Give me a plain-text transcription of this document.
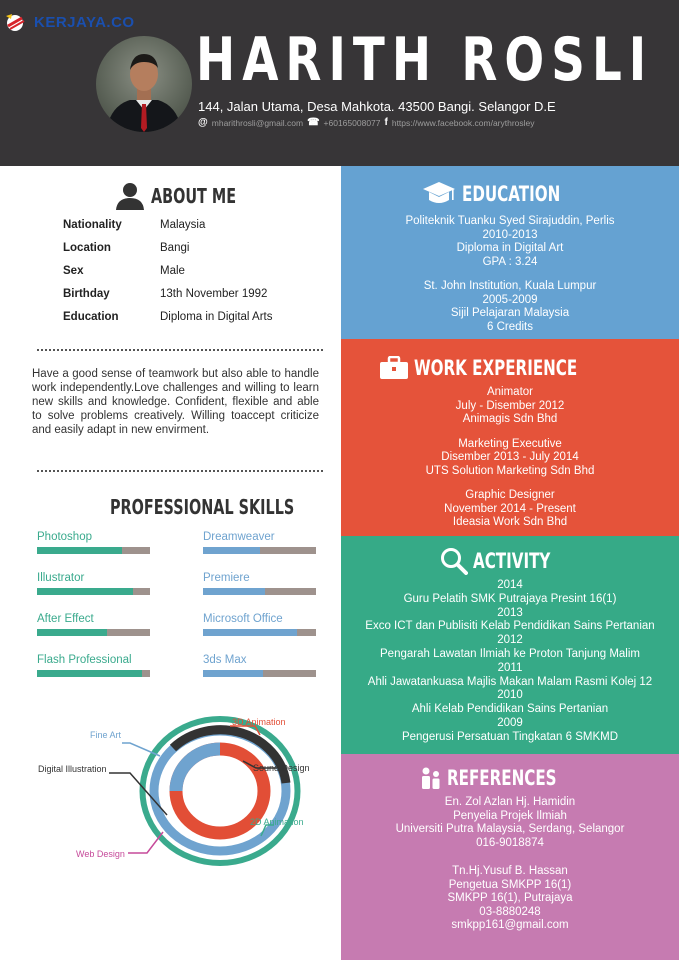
KERJAYA.CO
HARITH ROSLI
144, Jalan Utama, Desa Mahkota. 43500 Bangi. Selangor D.E
@ mharithrosli@gmail.com ☎ +60165008077 f https://www.facebook.com/arythrosley
ABOUT ME
Nationality	Malaysia
Location	Bangi
Sex	Male
Birthday	13th November 1992
Education	Diploma in Digital Arts
Have a good sense of teamwork but also able to handle work independently.Love challenges and willing to learn new skills and knowledge. Confident, flexible and able to solve problems creatively. Willing toaccept criticize and easily adapt in new envirment.
PROFESSIONAL SKILLS
Photoshop	Dreamweaver
Illustrator	Premiere
After Effect	Microsoft Office
Flash Professional	3ds Max
Fine Art
Digital Illustration
Web Design
3D Animation
Sound Design
2D Animation
EDUCATION
Politeknik Tuanku Syed Sirajuddin, Perlis
2010-2013
Diploma in Digital Art
GPA : 3.24
St. John Institution, Kuala Lumpur
2005-2009
Sijil Pelajaran Malaysia
6 Credits
WORK EXPERIENCE
Animator
July - Disember 2012
Animagis Sdn Bhd
Marketing Executive
Disember 2013 - July 2014
UTS Solution Marketing Sdn Bhd
Graphic Designer
November 2014 - Present
Ideasia Work Sdn Bhd
ACTIVITY
2014
Guru Pelatih SMK Putrajaya Presint 16(1)
2013
Exco ICT dan Publisiti Kelab Pendidikan Sains Pertanian
2012
Pengarah Lawatan Ilmiah ke Proton Tanjung Malim
2011
Ahli Jawatankuasa Majlis Makan Malam Rasmi Kolej 12
2010
Ahli Kelab Pendidikan Sains Pertanian
2009
Pengerusi Persatuan Tingkatan 6 SMKMD
REFERENCES
En. Zol Azlan Hj. Hamidin
Penyelia Projek Ilmiah
Universiti Putra Malaysia, Serdang, Selangor
016-9018874
Tn.Hj.Yusuf B. Hassan
Pengetua SMKPP 16(1)
SMKPP 16(1), Putrajaya
03-8880248
smkpp161@gmail.com
